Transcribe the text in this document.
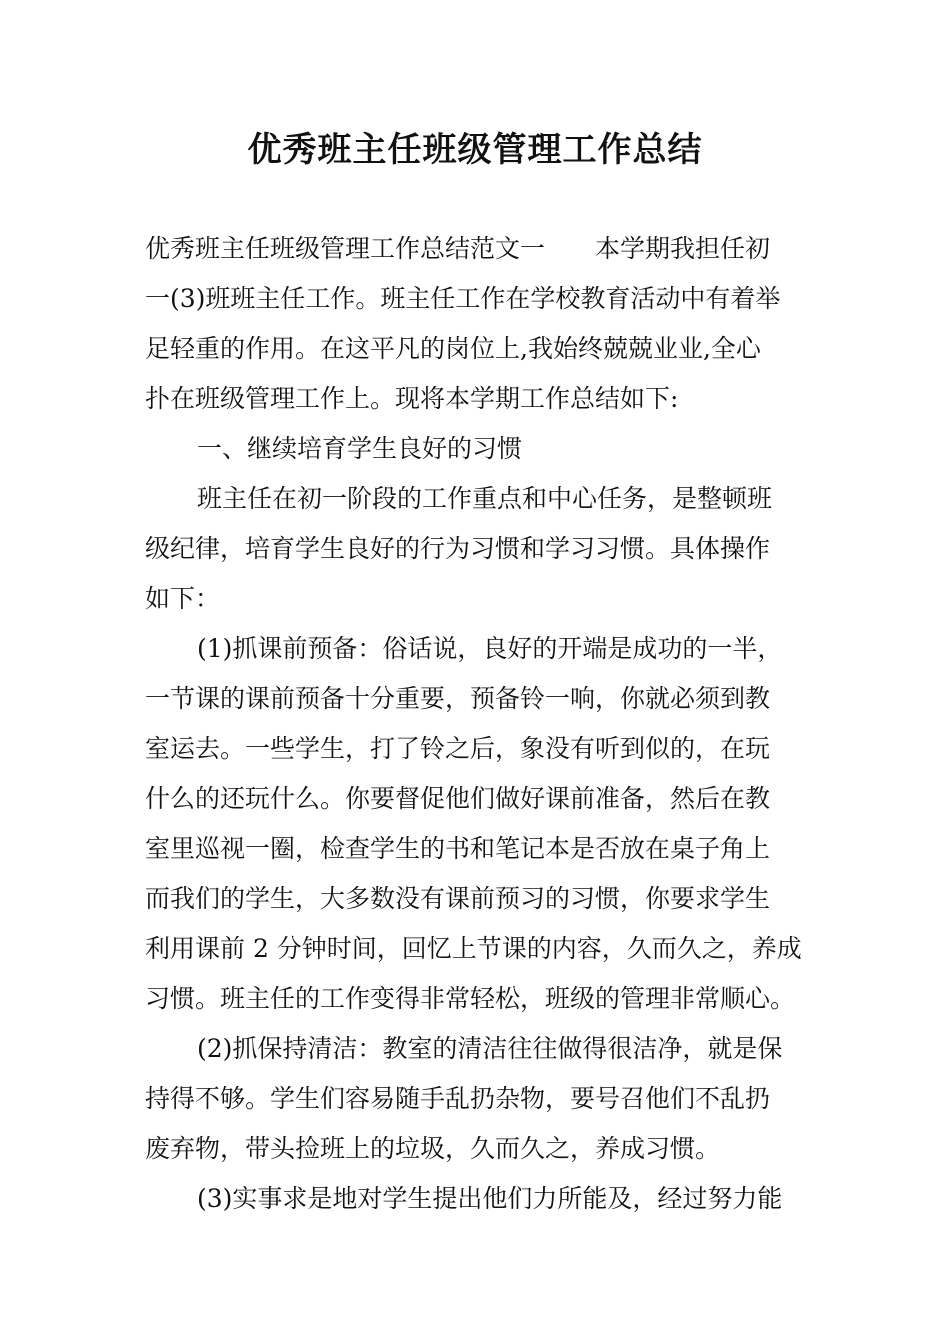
优秀班主任班级管理工作总结
优秀班主任班级管理工作总结范文一 本学期我担任初
一(3)班班主任工作。班主任工作在学校教育活动中有着举
足轻重的作用。在这平凡的岗位上,我始终兢兢业业,全心
扑在班级管理工作上。现将本学期工作总结如下:
一、继续培育学生良好的习惯
班主任在初一阶段的工作重点和中心任务，是整顿班
级纪律，培育学生良好的行为习惯和学习习惯。具体操作
如下：
(1)抓课前预备：俗话说，良好的开端是成功的一半，
一节课的课前预备十分重要，预备铃一响，你就必须到教
室运去。一些学生，打了铃之后，象没有听到似的，在玩
什么的还玩什么。你要督促他们做好课前准备，然后在教
室里巡视一圈，检查学生的书和笔记本是否放在桌子角上
而我们的学生，大多数没有课前预习的习惯，你要求学生
利用课前 2 分钟时间，回忆上节课的内容，久而久之，养成
习惯。班主任的工作变得非常轻松，班级的管理非常顺心。
(2)抓保持清洁：教室的清洁往往做得很洁净，就是保
持得不够。学生们容易随手乱扔杂物，要号召他们不乱扔
废弃物，带头捡班上的垃圾，久而久之，养成习惯。
(3)实事求是地对学生提出他们力所能及，经过努力能
